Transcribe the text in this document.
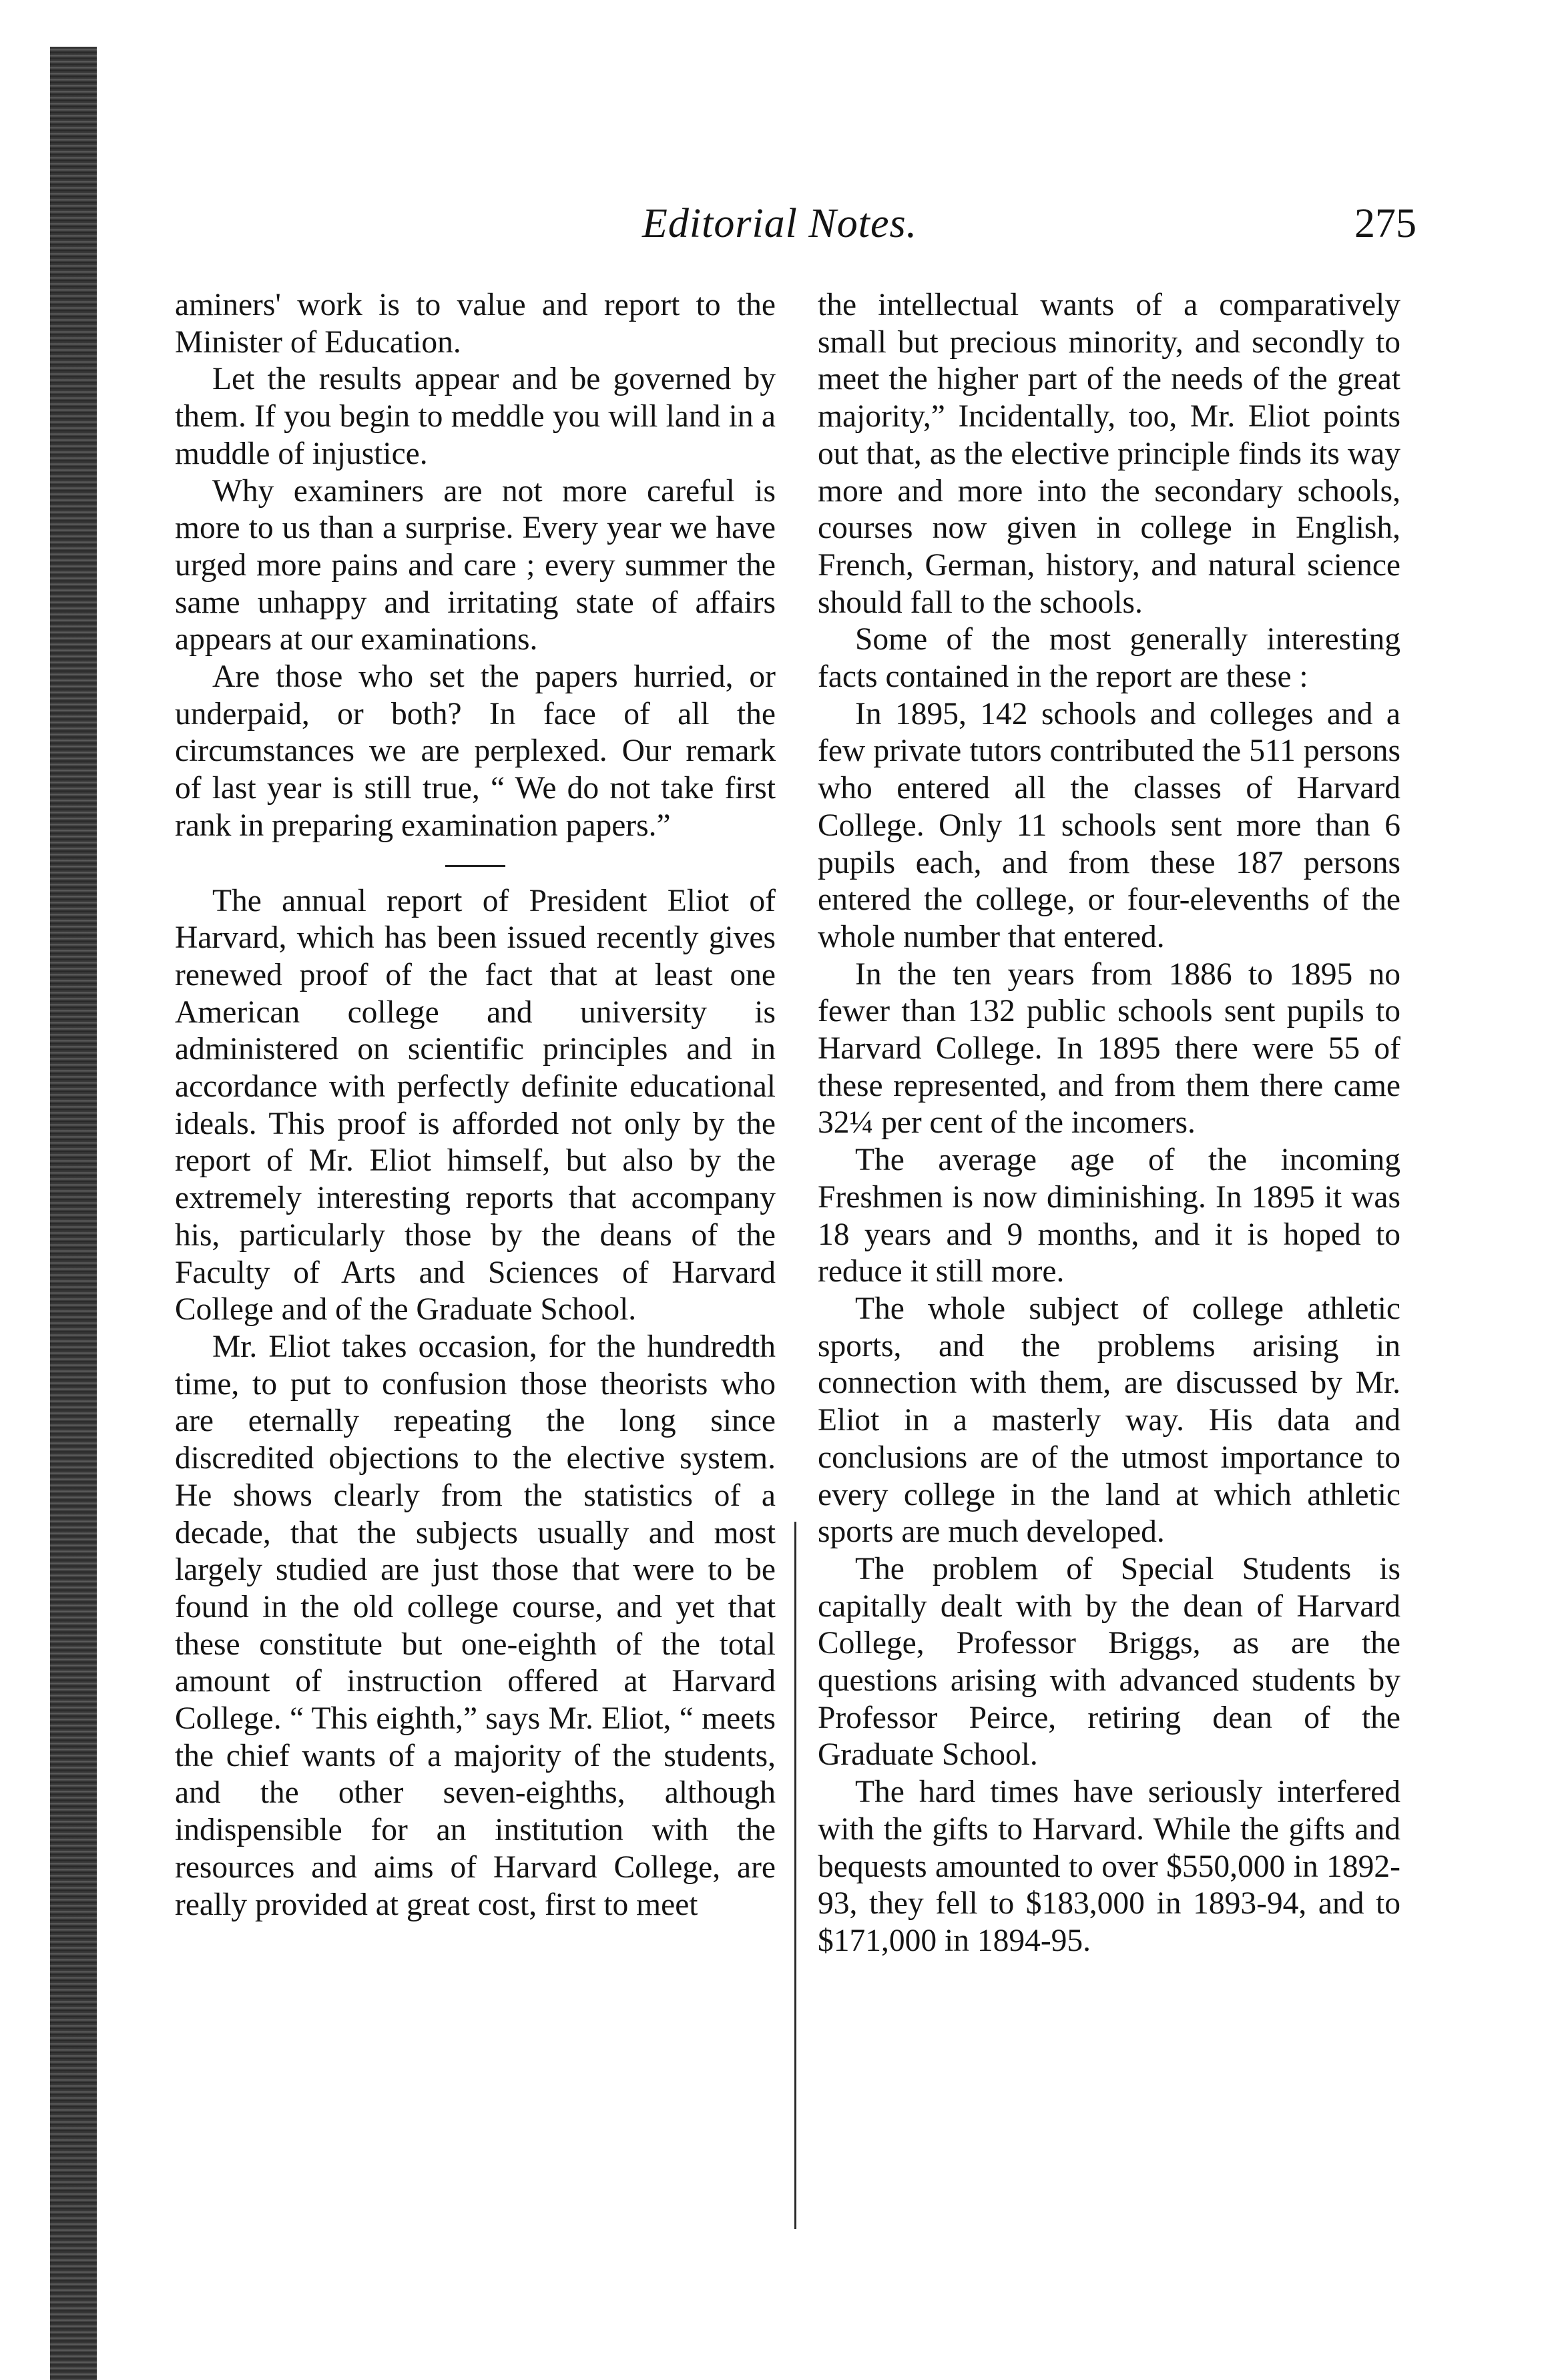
Editorial Notes.	275

aminers' work is to value and report to the Minister of Education.

Let the results appear and be governed by them. If you begin to meddle you will land in a muddle of injustice.

Why examiners are not more careful is more to us than a surprise. Every year we have urged more pains and care ; every summer the same unhappy and irritating state of affairs appears at our examinations.

Are those who set the papers hurried, or underpaid, or both? In face of all the circumstances we are perplexed. Our remark of last year is still true, “ We do not take first rank in preparing examination papers.”

The annual report of President Eliot of Harvard, which has been issued recently gives renewed proof of the fact that at least one American college and university is administered on scientific principles and in accordance with perfectly definite educational ideals. This proof is afforded not only by the report of Mr. Eliot himself, but also by the extremely interesting reports that accompany his, particularly those by the deans of the Faculty of Arts and Sciences of Harvard College and of the Graduate School.

Mr. Eliot takes occasion, for the hundredth time, to put to confusion those theorists who are eternally repeating the long since discredited objections to the elective system. He shows clearly from the statistics of a decade, that the subjects usually and most largely studied are just those that were to be found in the old college course, and yet that these constitute but one-eighth of the total amount of instruction offered at Harvard College. “ This eighth,” says Mr. Eliot, “ meets the chief wants of a majority of the students, and the other seven-eighths, although indispensible for an institution with the resources and aims of Harvard College, are really provided at great cost, first to meet

the intellectual wants of a comparatively small but precious minority, and secondly to meet the higher part of the needs of the great majority,” Incidentally, too, Mr. Eliot points out that, as the elective principle finds its way more and more into the secondary schools, courses now given in college in English, French, German, history, and natural science should fall to the schools.

Some of the most generally interesting facts contained in the report are these :

In 1895, 142 schools and colleges and a few private tutors contributed the 511 persons who entered all the classes of Harvard College. Only 11 schools sent more than 6 pupils each, and from these 187 persons entered the college, or four-elevenths of the whole number that entered.

In the ten years from 1886 to 1895 no fewer than 132 public schools sent pupils to Harvard College. In 1895 there were 55 of these represented, and from them there came 32¼ per cent of the incomers.

The average age of the incoming Freshmen is now diminishing. In 1895 it was 18 years and 9 months, and it is hoped to reduce it still more.

The whole subject of college athletic sports, and the problems arising in connection with them, are discussed by Mr. Eliot in a masterly way. His data and conclusions are of the utmost importance to every college in the land at which athletic sports are much developed.

The problem of Special Students is capitally dealt with by the dean of Harvard College, Professor Briggs, as are the questions arising with advanced students by Professor Peirce, retiring dean of the Graduate School.

The hard times have seriously interfered with the gifts to Harvard. While the gifts and bequests amounted to over $550,000 in 1892-93, they fell to $183,000 in 1893-94, and to $171,000 in 1894-95.
